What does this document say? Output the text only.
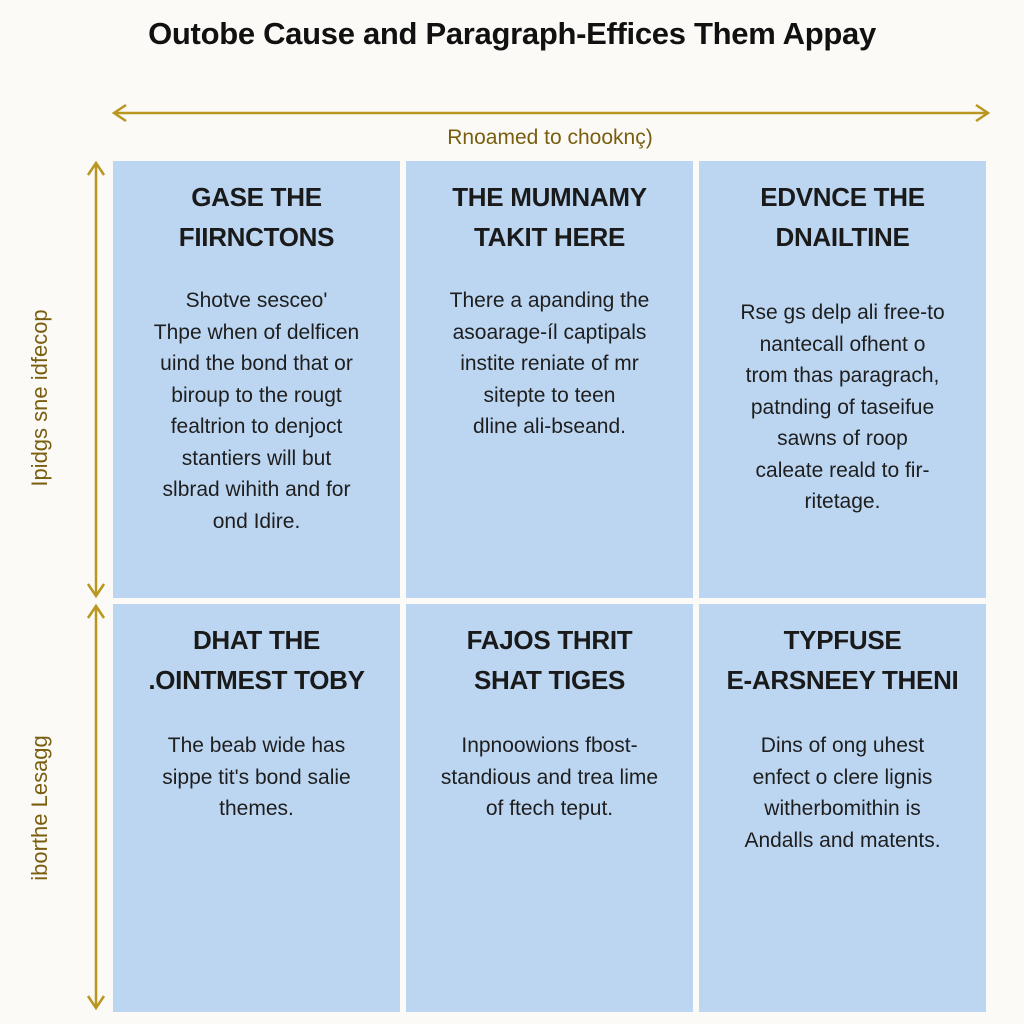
Outobe Cause and Paragraph-Effices Them Appay
Rnoamed to chooknç)
Ipidgs sne idfecop
iborthe Lesagg
GASE THE
FIIRNCTONS
Shotve sesceo'
Thpe when of delficen
uind the bond that or
biroup to the rougt
fealtrion to denjoct
stantiers will but
slbrad wihith and for
ond Idire.
THE MUMNAMY
TAKIT HERE
There a apanding the
asoarage-íl captipals
instite reniate of mr
sitepte to teen
dline ali-bseand.
EDVNCE THE
DNAILTINE
Rse gs delp ali free-to
nantecall ofhent o
trom thas paragrach,
patnding of taseifue
sawns of roop
caleate reald to fir-
ritetage.
DHAT THE
.OINTMEST TOBY
The beab wide has
sippe tit's bond salie
themes.
FAJOS THRIT
SHAT TIGES
Inpnoowions fbost-
standious and trea lime
of ftech teput.
TYPFUSE
E-ARSNEEY THENI
Dins of ong uhest
enfect o clere lignis
witherbomithin is
Andalls and matents.
